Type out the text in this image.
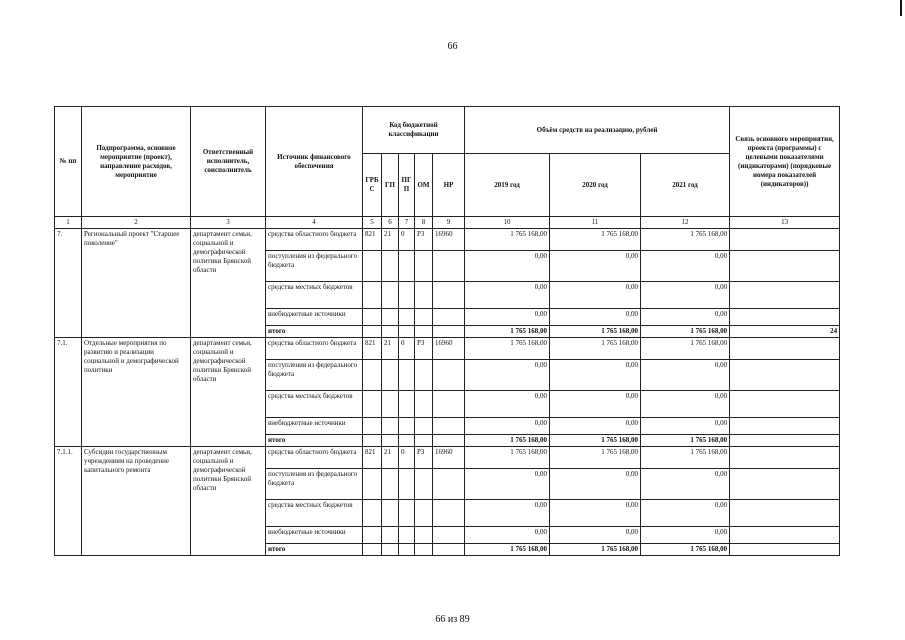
66
№ пп	Подпрограмма, основное мероприятие (проект), направление расходов, мероприятие	Ответственный исполнитель, соисполнитель	Источник финансового обеспечения	Код бюджетной классификации					Объём средств на реализацию, рублей			Связь основного мероприятия, проекта (программы) с целевыми показателями (индикаторами) (порядковые номера показателей (индикаторов))
				ГРБ С	ГП	ПГ П	ОМ	НР	2019 год	2020 год	2021 год	
1	2	3	4	5	6	7	8	9	10	11	12	13
7.	Региональный проект "Старшее поколение"	департамент семьи, социальной и демографической политики Брянской области	средства областного бюджета	821	21	0	P3	16960	1 765 168,00	1 765 168,00	1 765 168,00	
			поступления из федерального бюджета						0,00	0,00	0,00	
			средства местных бюджетов						0,00	0,00	0,00	
			внебюджетные источники						0,00	0,00	0,00	
			итого						1 765 168,00	1 765 168,00	1 765 168,00	24
7.1.	Отдельные мероприятия по развитию и реализации социальной и демографической политики	департамент семьи, социальной и демографической политики Брянской области	средства областного бюджета	821	21	0	P3	16960	1 765 168,00	1 765 168,00	1 765 168,00	
			поступления из федерального бюджета						0,00	0,00	0,00	
			средства местных бюджетов						0,00	0,00	0,00	
			внебюджетные источники						0,00	0,00	0,00	
			итого						1 765 168,00	1 765 168,00	1 765 168,00	
7.1.1.	Субсидии государственным учреждениям на проведение капитального ремонта	департамент семьи, социальной и демографической политики Брянской области	средства областного бюджета	821	21	0	P3	16960	1 765 168,00	1 765 168,00	1 765 168,00	
			поступления из федерального бюджета						0,00	0,00	0,00	
			средства местных бюджетов						0,00	0,00	0,00	
			внебюджетные источники						0,00	0,00	0,00	
			итого						1 765 168,00	1 765 168,00	1 765 168,00	
66 из 89
